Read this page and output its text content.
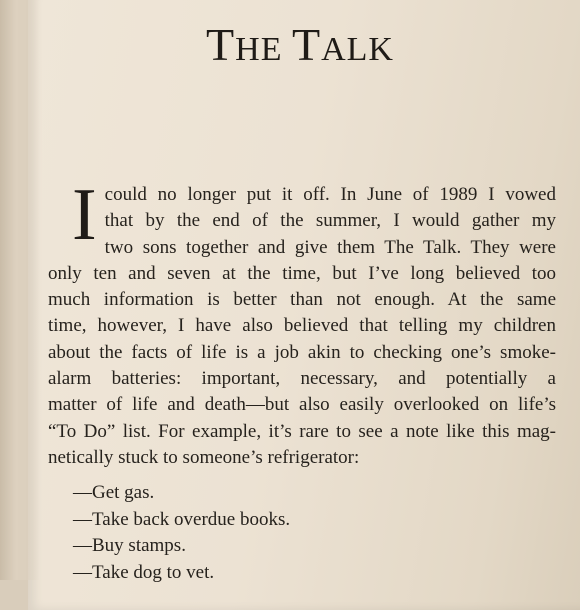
THE TALK
I could no longer put it off. In June of 1989 I vowed
that by the end of the summer, I would gather my
two sons together and give them The Talk. They were
only ten and seven at the time, but I’ve long believed too
much information is better than not enough. At the same
time, however, I have also believed that telling my children
about the facts of life is a job akin to checking one’s smoke-
alarm batteries: important, necessary, and potentially a
matter of life and death—but also easily overlooked on life’s
“To Do” list. For example, it’s rare to see a note like this mag-
netically stuck to someone’s refrigerator:
—Get gas.
—Take back overdue books.
—Buy stamps.
—Take dog to vet.
